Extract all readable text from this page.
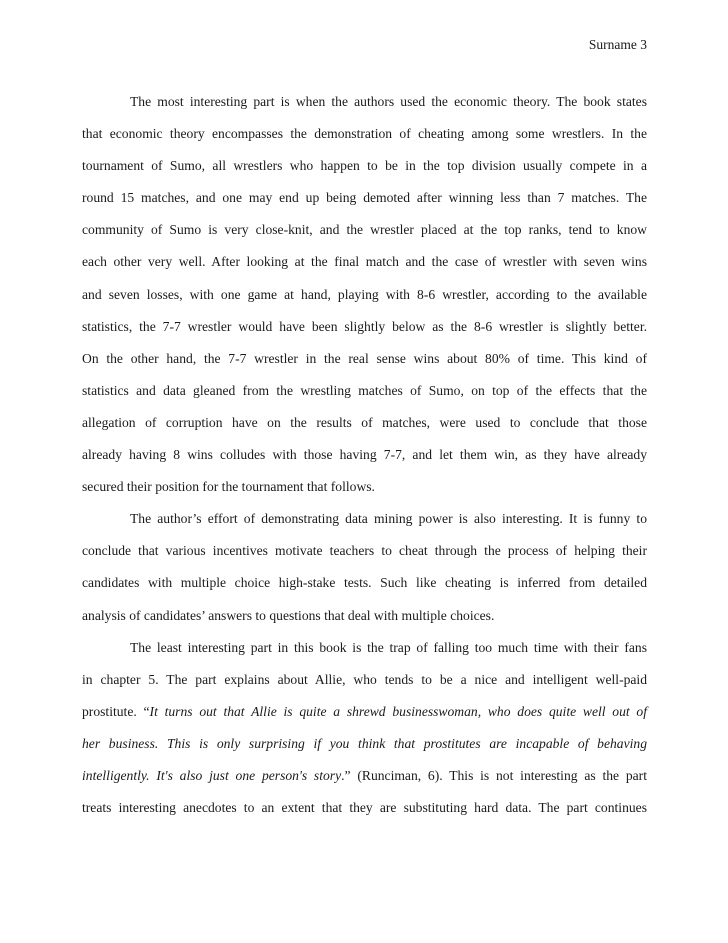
Surname 3
The most interesting part is when the authors used the economic theory. The book states
that economic theory encompasses the demonstration of cheating among some wrestlers. In the
tournament of Sumo, all wrestlers who happen to be in the top division usually compete in a
round 15 matches, and one may end up being demoted after winning less than 7 matches. The
community of Sumo is very close-knit, and the wrestler placed at the top ranks, tend to know
each other very well. After looking at the final match and the case of wrestler with seven wins
and seven losses, with one game at hand, playing with 8-6 wrestler, according to the available
statistics, the 7-7 wrestler would have been slightly below as the 8-6 wrestler is slightly better.
On the other hand, the 7-7 wrestler in the real sense wins about 80% of time. This kind of
statistics and data gleaned from the wrestling matches of Sumo, on top of the effects that the
allegation of corruption have on the results of matches, were used to conclude that those
already having 8 wins colludes with those having 7-7, and let them win, as they have already
secured their position for the tournament that follows.
The author’s effort of demonstrating data mining power is also interesting. It is funny to
conclude that various incentives motivate teachers to cheat through the process of helping their
candidates with multiple choice high-stake tests. Such like cheating is inferred from detailed
analysis of candidates’ answers to questions that deal with multiple choices.
The least interesting part in this book is the trap of falling too much time with their fans
in chapter 5. The part explains about Allie, who tends to be a nice and intelligent well-paid
prostitute. “It turns out that Allie is quite a shrewd businesswoman, who does quite well out of
her business. This is only surprising if you think that prostitutes are incapable of behaving
intelligently. It's also just one person's story.” (Runciman, 6). This is not interesting as the part
treats interesting anecdotes to an extent that they are substituting hard data. The part continues
